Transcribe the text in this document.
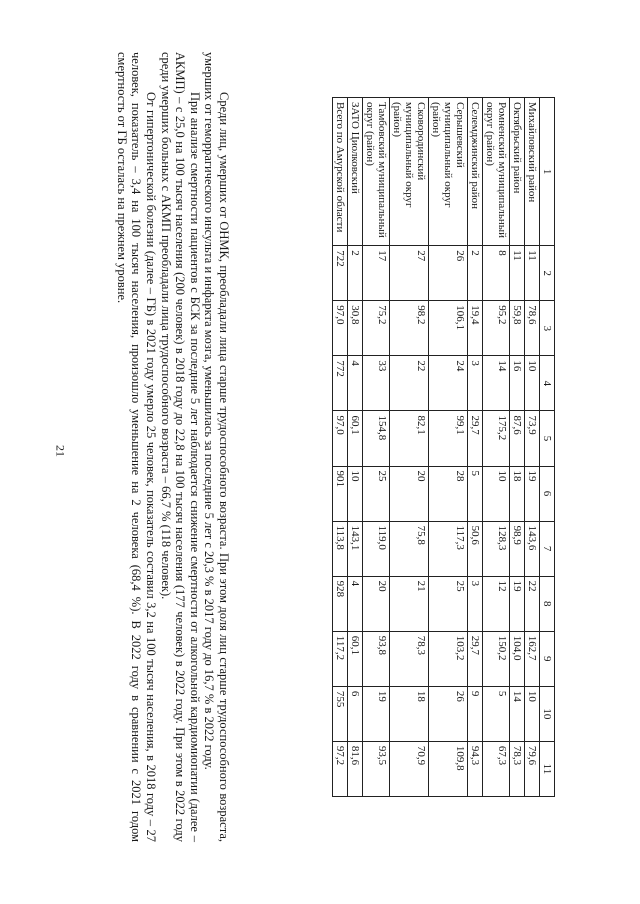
21
1	2	3	4	5	6	7	8	9	10	11
Михайловский район	11	78,6	10	73,9	19	143,6	22	162,7	10	79,6
Октябрьский район	11	59,8	16	87,6	18	98,9	19	104,0	14	78,3
Ромненский муниципальный округ (район)	8	95,2	14	175,2	10	128,3	12	150,2	5	67,3
Селемджинский район	2	19,4	3	29,7	5	50,6	3	29,7	9	94,3
Серышевский муниципальный округ (район)	26	106,1	24	99,1	28	117,3	25	103,2	26	109,8
Сковородинский муниципальный округ (район)	27	98,2	22	82,1	20	75,8	21	78,3	18	70,9
Тамбовский муниципальный округ (район)	17	75,2	33	154,8	25	119,0	20	93,8	19	93,5
ЗАТО Циолковский	2	30,8	4	60,1	10	143,1	4	60,1	6	81,6
Всего по Амурской области	722	97,0	772	97,0	901	113,8	928	117,2	755	97,2

Среди лиц, умерших от ОНМК, преобладали лица старше трудоспособного возраста. При этом доля лиц старше трудоспособного возраста, умерших от геморрагического инсульта и инфаркта мозга, уменьшилась за последние 5 лет с 20,3 % в 2017 году до 16,7 % в 2022 году.

При анализе смертности пациентов с БСК за последние 5 лет наблюдается снижение смертности от алкогольной кардиомиопатии (далее – АКМП) – с 25,0 на 100 тысяч населения (200 человек) в 2018 году до 22,8 на 100 тысяч населения (177 человек) в 2022 году. При этом в 2022 году среди умерших больных с АКМП преобладали лица трудоспособного возраста – 66,7 % (118 человек).

От гипертонической болезни (далее – ГБ) в 2021 году умерло 25 человек, показатель составил 3,2 на 100 тысяч населения, в 2018 году – 27 человек, показатель – 3,4 на 100 тысяч населения, произошло уменьшение на 2 человека (68,4 %). В 2022 году в сравнении с 2021 годом смертность от ГБ осталась на прежнем уровне.
